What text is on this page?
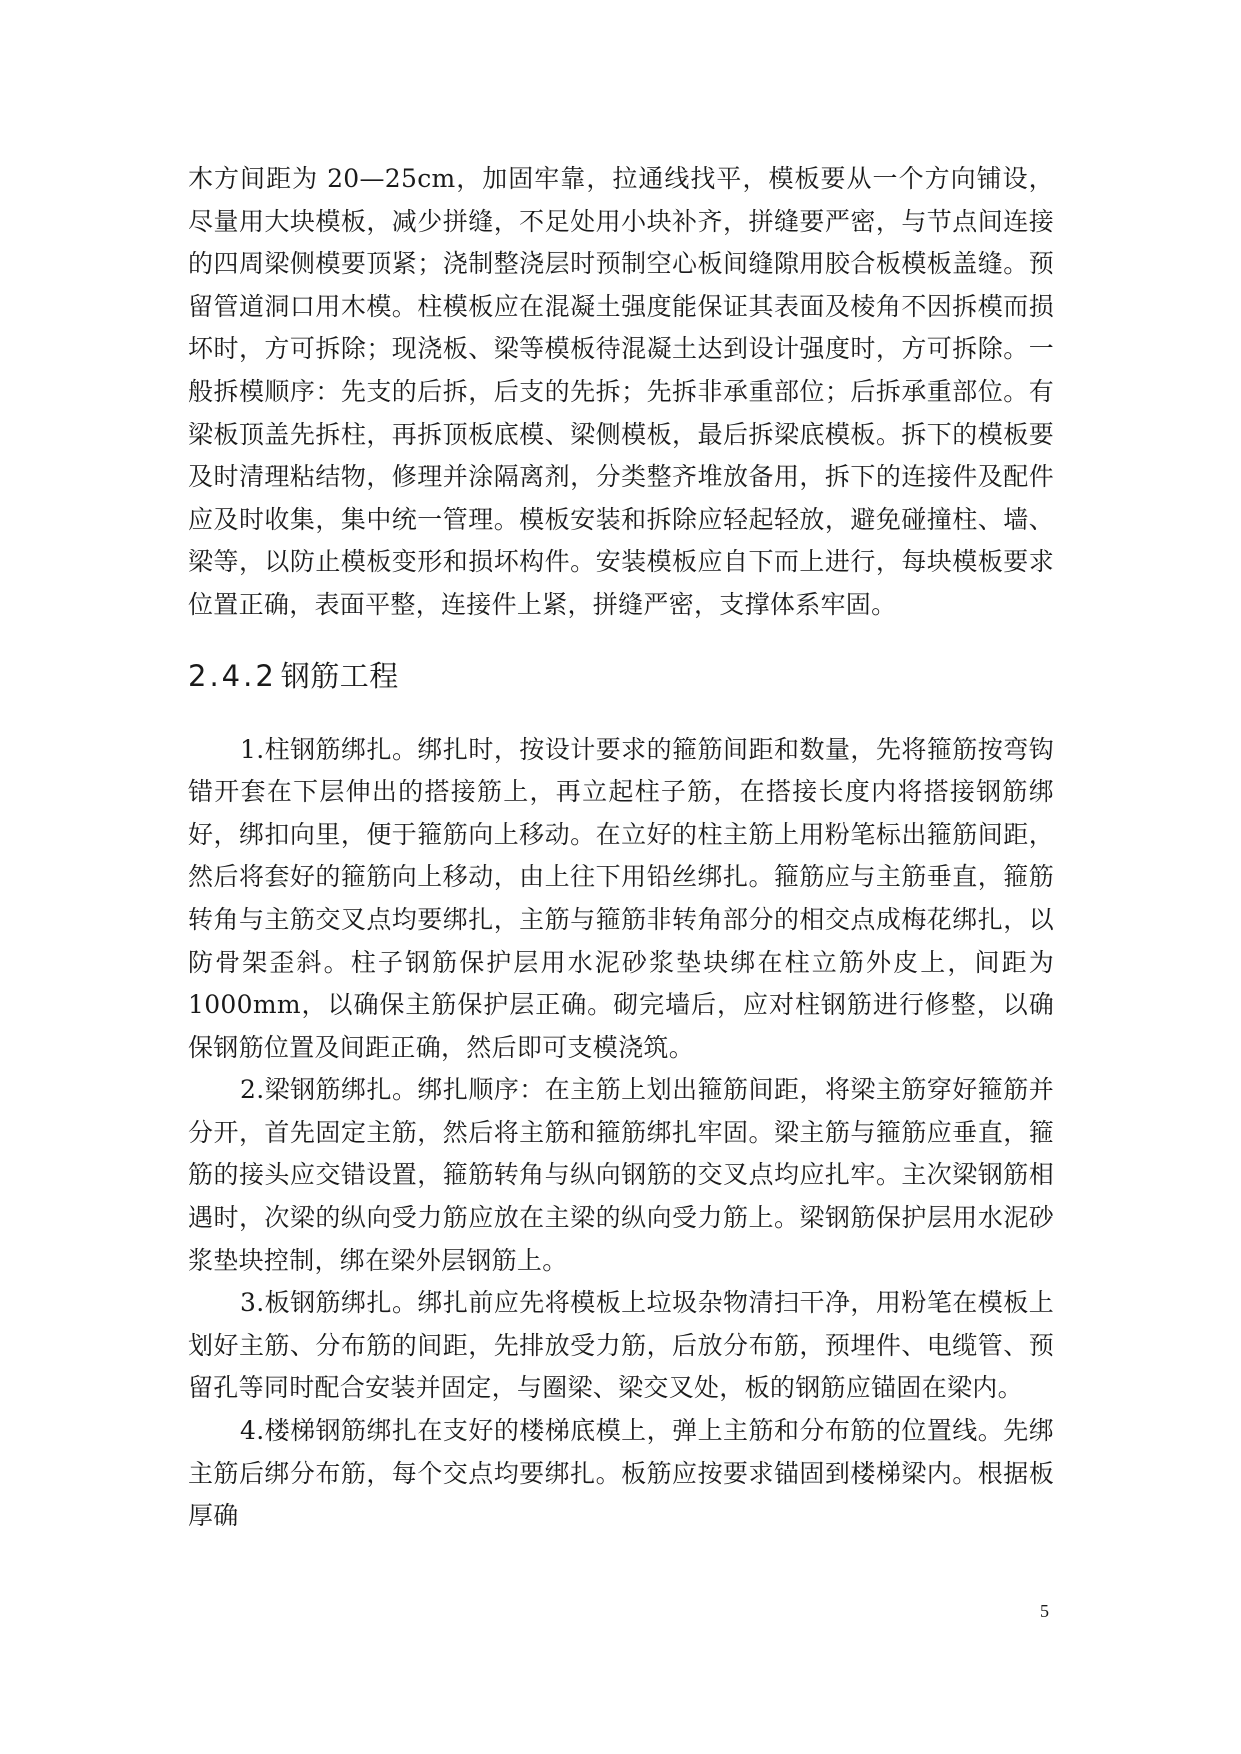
木方间距为 20—25cm，加固牢靠，拉通线找平，模板要从一个方向铺设，尽量用大块模板，减少拼缝，不足处用小块补齐，拼缝要严密，与节点间连接的四周梁侧模要顶紧；浇制整浇层时预制空心板间缝隙用胶合板模板盖缝。预留管道洞口用木模。柱模板应在混凝土强度能保证其表面及棱角不因拆模而损坏时，方可拆除；现浇板、梁等模板待混凝土达到设计强度时，方可拆除。一般拆模顺序：先支的后拆，后支的先拆；先拆非承重部位；后拆承重部位。有梁板顶盖先拆柱，再拆顶板底模、梁侧模板，最后拆梁底模板。拆下的模板要及时清理粘结物，修理并涂隔离剂，分类整齐堆放备用，拆下的连接件及配件应及时收集，集中统一管理。模板安装和拆除应轻起轻放，避免碰撞柱、墙、梁等，以防止模板变形和损坏构件。安装模板应自下而上进行，每块模板要求位置正确，表面平整，连接件上紧，拼缝严密，支撑体系牢固。

2.4.2 钢筋工程

1.柱钢筋绑扎。绑扎时，按设计要求的箍筋间距和数量，先将箍筋按弯钩错开套在下层伸出的搭接筋上，再立起柱子筋，在搭接长度内将搭接钢筋绑好，绑扣向里，便于箍筋向上移动。在立好的柱主筋上用粉笔标出箍筋间距，然后将套好的箍筋向上移动，由上往下用铅丝绑扎。箍筋应与主筋垂直，箍筋转角与主筋交叉点均要绑扎，主筋与箍筋非转角部分的相交点成梅花绑扎，以防骨架歪斜。柱子钢筋保护层用水泥砂浆垫块绑在柱立筋外皮上，间距为 1000mm，以确保主筋保护层正确。砌完墙后，应对柱钢筋进行修整，以确保钢筋位置及间距正确，然后即可支模浇筑。

2.梁钢筋绑扎。绑扎顺序：在主筋上划出箍筋间距，将梁主筋穿好箍筋并分开，首先固定主筋，然后将主筋和箍筋绑扎牢固。梁主筋与箍筋应垂直，箍筋的接头应交错设置，箍筋转角与纵向钢筋的交叉点均应扎牢。主次梁钢筋相遇时，次梁的纵向受力筋应放在主梁的纵向受力筋上。梁钢筋保护层用水泥砂浆垫块控制，绑在梁外层钢筋上。

3.板钢筋绑扎。绑扎前应先将模板上垃圾杂物清扫干净，用粉笔在模板上划好主筋、分布筋的间距，先排放受力筋，后放分布筋，预埋件、电缆管、预留孔等同时配合安装并固定，与圈梁、梁交叉处，板的钢筋应锚固在梁内。

4.楼梯钢筋绑扎在支好的楼梯底模上，弹上主筋和分布筋的位置线。先绑主筋后绑分布筋，每个交点均要绑扎。板筋应按要求锚固到楼梯梁内。根据板厚确

5
